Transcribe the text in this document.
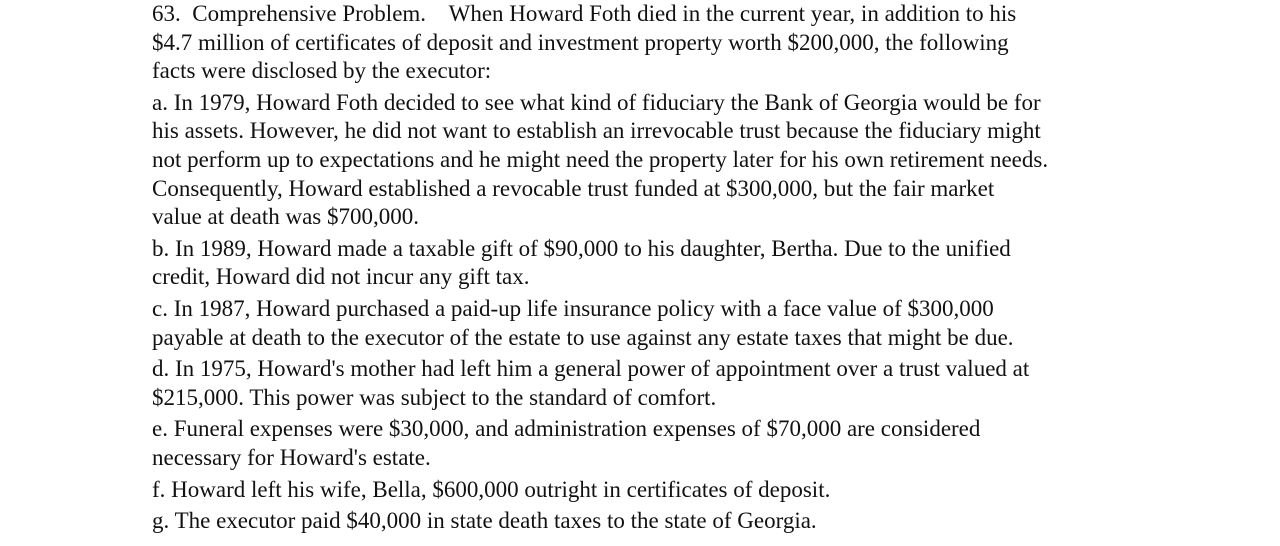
63.  Comprehensive Problem.    When Howard Foth died in the current year, in addition to his
$4.7 million of certificates of deposit and investment property worth $200,000, the following
facts were disclosed by the executor:

a. In 1979, Howard Foth decided to see what kind of fiduciary the Bank of Georgia would be for
his assets. However, he did not want to establish an irrevocable trust because the fiduciary might
not perform up to expectations and he might need the property later for his own retirement needs.
Consequently, Howard established a revocable trust funded at $300,000, but the fair market
value at death was $700,000.

b. In 1989, Howard made a taxable gift of $90,000 to his daughter, Bertha. Due to the unified
credit, Howard did not incur any gift tax.

c. In 1987, Howard purchased a paid-up life insurance policy with a face value of $300,000
payable at death to the executor of the estate to use against any estate taxes that might be due.

d. In 1975, Howard's mother had left him a general power of appointment over a trust valued at
$215,000. This power was subject to the standard of comfort.

e. Funeral expenses were $30,000, and administration expenses of $70,000 are considered
necessary for Howard's estate.

f. Howard left his wife, Bella, $600,000 outright in certificates of deposit.

g. The executor paid $40,000 in state death taxes to the state of Georgia.
